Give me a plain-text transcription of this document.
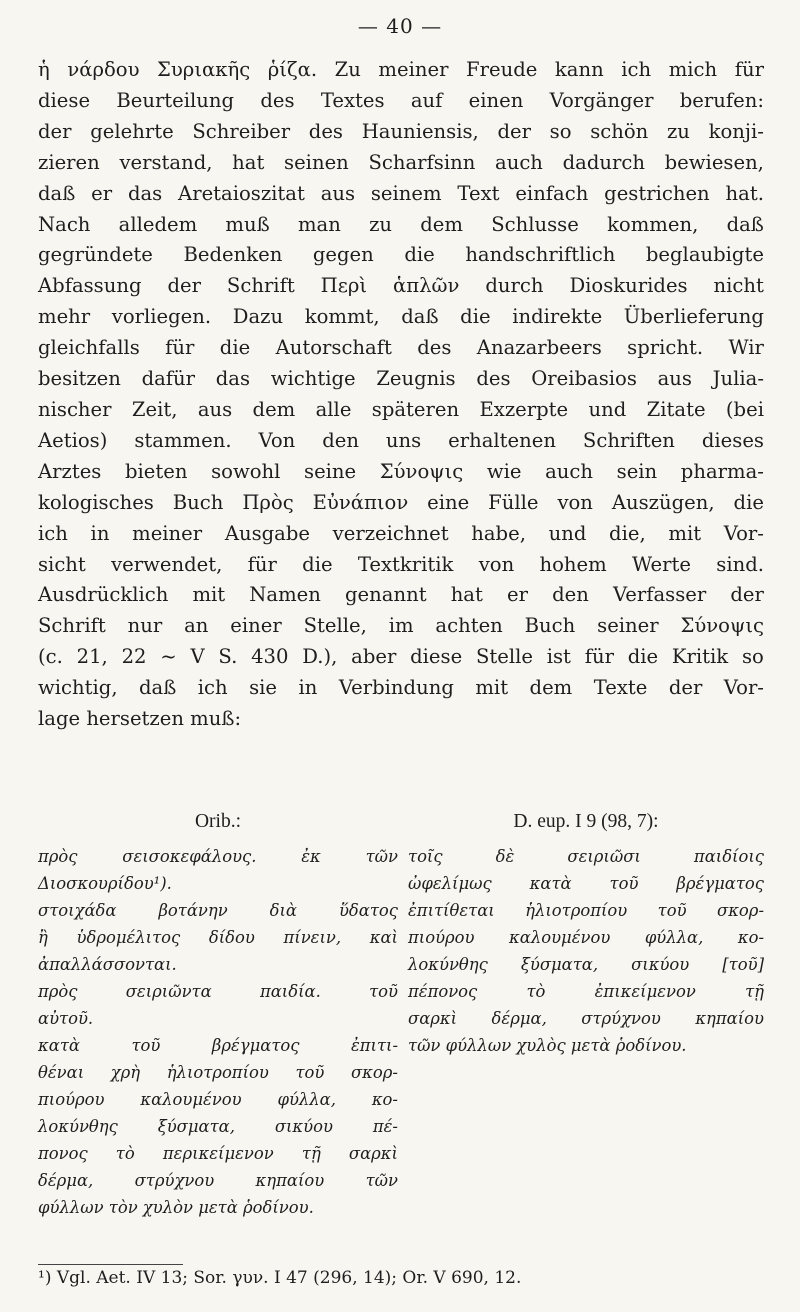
— 40 —
ἡ νάρδου Συριακῆς ῥίζα. Zu meiner Freude kann ich mich für
diese Beurteilung des Textes auf einen Vorgänger berufen:
der gelehrte Schreiber des Hauniensis, der so schön zu konji-
zieren verstand, hat seinen Scharfsinn auch dadurch bewiesen,
daß er das Aretaioszitat aus seinem Text einfach gestrichen hat.
Nach alledem muß man zu dem Schlusse kommen, daß
gegründete Bedenken gegen die handschriftlich beglaubigte
Abfassung der Schrift Περὶ ἁπλῶν durch Dioskurides nicht
mehr vorliegen. Dazu kommt, daß die indirekte Überlieferung
gleichfalls für die Autorschaft des Anazarbeers spricht. Wir
besitzen dafür das wichtige Zeugnis des Oreibasios aus Julia-
nischer Zeit, aus dem alle späteren Exzerpte und Zitate (bei
Aetios) stammen. Von den uns erhaltenen Schriften dieses
Arztes bieten sowohl seine Σύνοψις wie auch sein pharma-
kologisches Buch Πρὸς Εὐνάπιον eine Fülle von Auszügen, die
ich in meiner Ausgabe verzeichnet habe, und die, mit Vor-
sicht verwendet, für die Textkritik von hohem Werte sind.
Ausdrücklich mit Namen genannt hat er den Verfasser der
Schrift nur an einer Stelle, im achten Buch seiner Σύνοψις
(c. 21, 22 ~ V S. 430 D.), aber diese Stelle ist für die Kritik so
wichtig, daß ich sie in Verbindung mit dem Texte der Vor-
lage hersetzen muß:
Orib.:
πρὸς	σεισοκεφάλους.	ἐκ	τῶν
Διοσκουρίδου¹).
στοιχάδα	βοτάνην	διὰ	ὕδατος
ἢ ὑδρομέλιτος δίδου πίνειν, καὶ
ἀπαλλάσσονται.
πρὸς	σειριῶντα	παιδία.	τοῦ
αὐτοῦ.
κατὰ	τοῦ	βρέγματος	ἐπιτι-
θέναι χρὴ ἡλιοτροπίου τοῦ σκορ-
πιούρου καλουμένου φύλλα, κο-
λοκύνθης ξύσματα, σικύου πέ-
πονος τὸ περικείμενον τῇ σαρκὶ
δέρμα,	στρύχνου	κηπαίου	τῶν
φύλλων τὸν χυλὸν μετὰ ῥοδίνου.
D. eup. I 9 (98, 7):
τοῖς	δὲ	σειριῶσι	παιδίοις
ὠφελίμως κατὰ τοῦ βρέγματος
ἐπιτίθεται ἡλιοτροπίου τοῦ σκορ-
πιούρου καλουμένου φύλλα, κο-
λοκύνθης ξύσματα, σικύου [τοῦ]
πέπονος	τὸ	ἐπικείμενον	τῇ
σαρκὶ δέρμα, στρύχνου κηπαίου
τῶν φύλλων χυλὸς μετὰ ῥοδίνου.
¹) Vgl. Aet. IV 13; Sor. γυν. I 47 (296, 14); Or. V 690, 12.
